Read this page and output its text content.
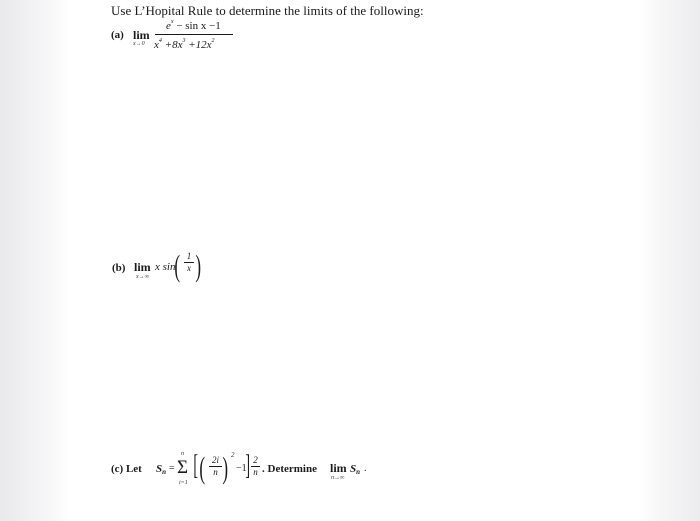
Use L’Hopital Rule to determine the limits of the following:
(a) lim
x→0
$e^x - \sin x -1$
$x^4 +8x^3 +12x^2$
(b) lim
x→∞
x sin
( 1
x )
(c) Let $S_n$ =
n
Σ
i=1
[ ( 2i
n ) 2
−1
] 2
n . Determine $\lim S_n$
n→∞
.
